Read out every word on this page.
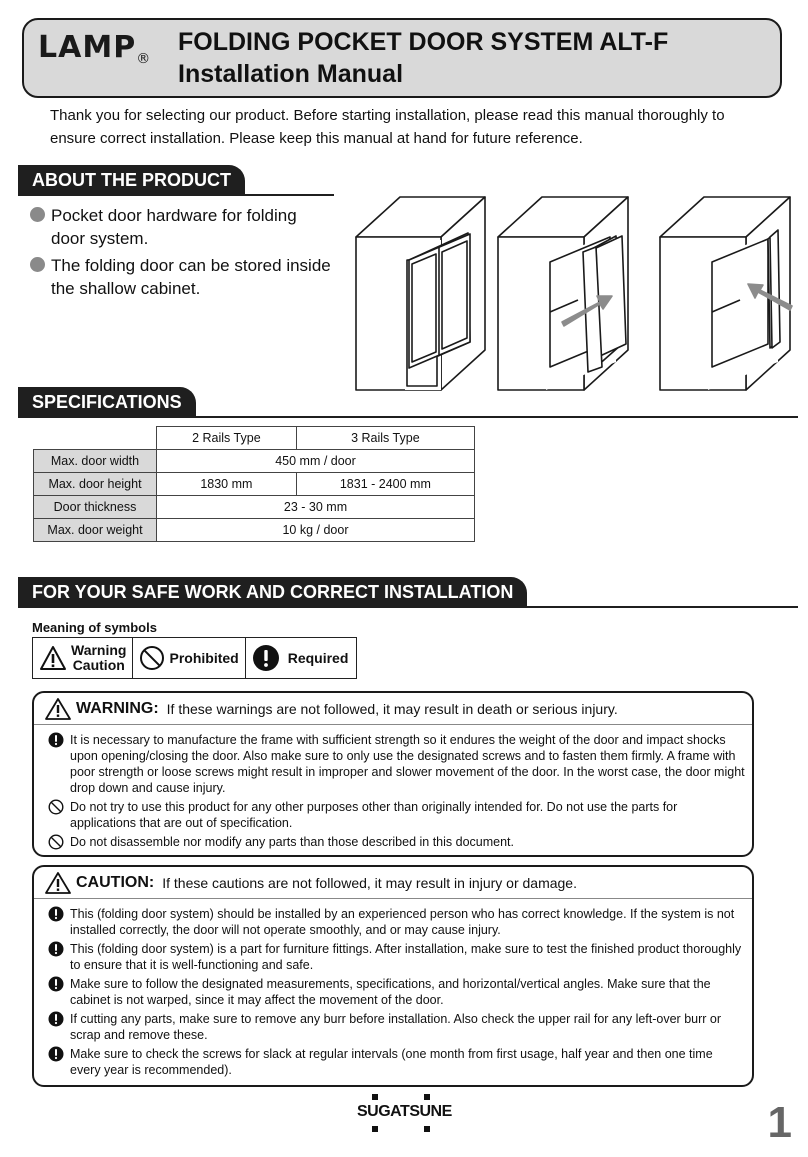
LAMP®
FOLDING POCKET DOOR SYSTEM ALT-F
Installation Manual
Thank you for selecting our product. Before starting installation, please read this manual thoroughly to ensure correct installation. Please keep this manual at hand for future reference.
ABOUT THE PRODUCT
Pocket door hardware for folding
door system.
The folding door can be stored inside
the shallow cabinet.
SPECIFICATIONS
	2 Rails Type	3 Rails Type
Max. door width	450 mm / door	
Max. door height	1830 mm	1831 - 2400 mm
Door thickness	23 - 30 mm	
Max. door weight	10 kg / door	
FOR YOUR SAFE WORK AND CORRECT INSTALLATION
Meaning of symbols
Warning
Caution	Prohibited	Required
WARNING: If these warnings are not followed, it may result in death or serious injury.
It is necessary to manufacture the frame with sufficient strength so it endures the weight of the door and impact shocks upon opening/closing the door. Also make sure to only use the designated screws and to fasten them firmly. A frame with poor strength or loose screws might result in improper and slower movement of the door. In the worst case, the door might drop down and cause injury.
Do not try to use this product for any other purposes other than originally intended for. Do not use the parts for applications that are out of specification.
Do not disassemble nor modify any parts than those described in this document.
CAUTION: If these cautions are not followed, it may result in injury or damage.
This (folding door system) should be installed by an experienced person who has correct knowledge. If the system is not installed correctly, the door will not operate smoothly, and or may cause injury.
This (folding door system) is a part for furniture fittings. After installation, make sure to test the finished product thoroughly to ensure that it is well-functioning and safe.
Make sure to follow the designated measurements, specifications, and horizontal/vertical angles. Make sure that the cabinet is not warped, since it may affect the movement of the door.
If cutting any parts, make sure to remove any burr before installation. Also check the upper rail for any left-over burr or scrap and remove these.
Make sure to check the screws for slack at regular intervals (one month from first usage, half year and then one time every year is recommended).
SUGATSUNE	1
